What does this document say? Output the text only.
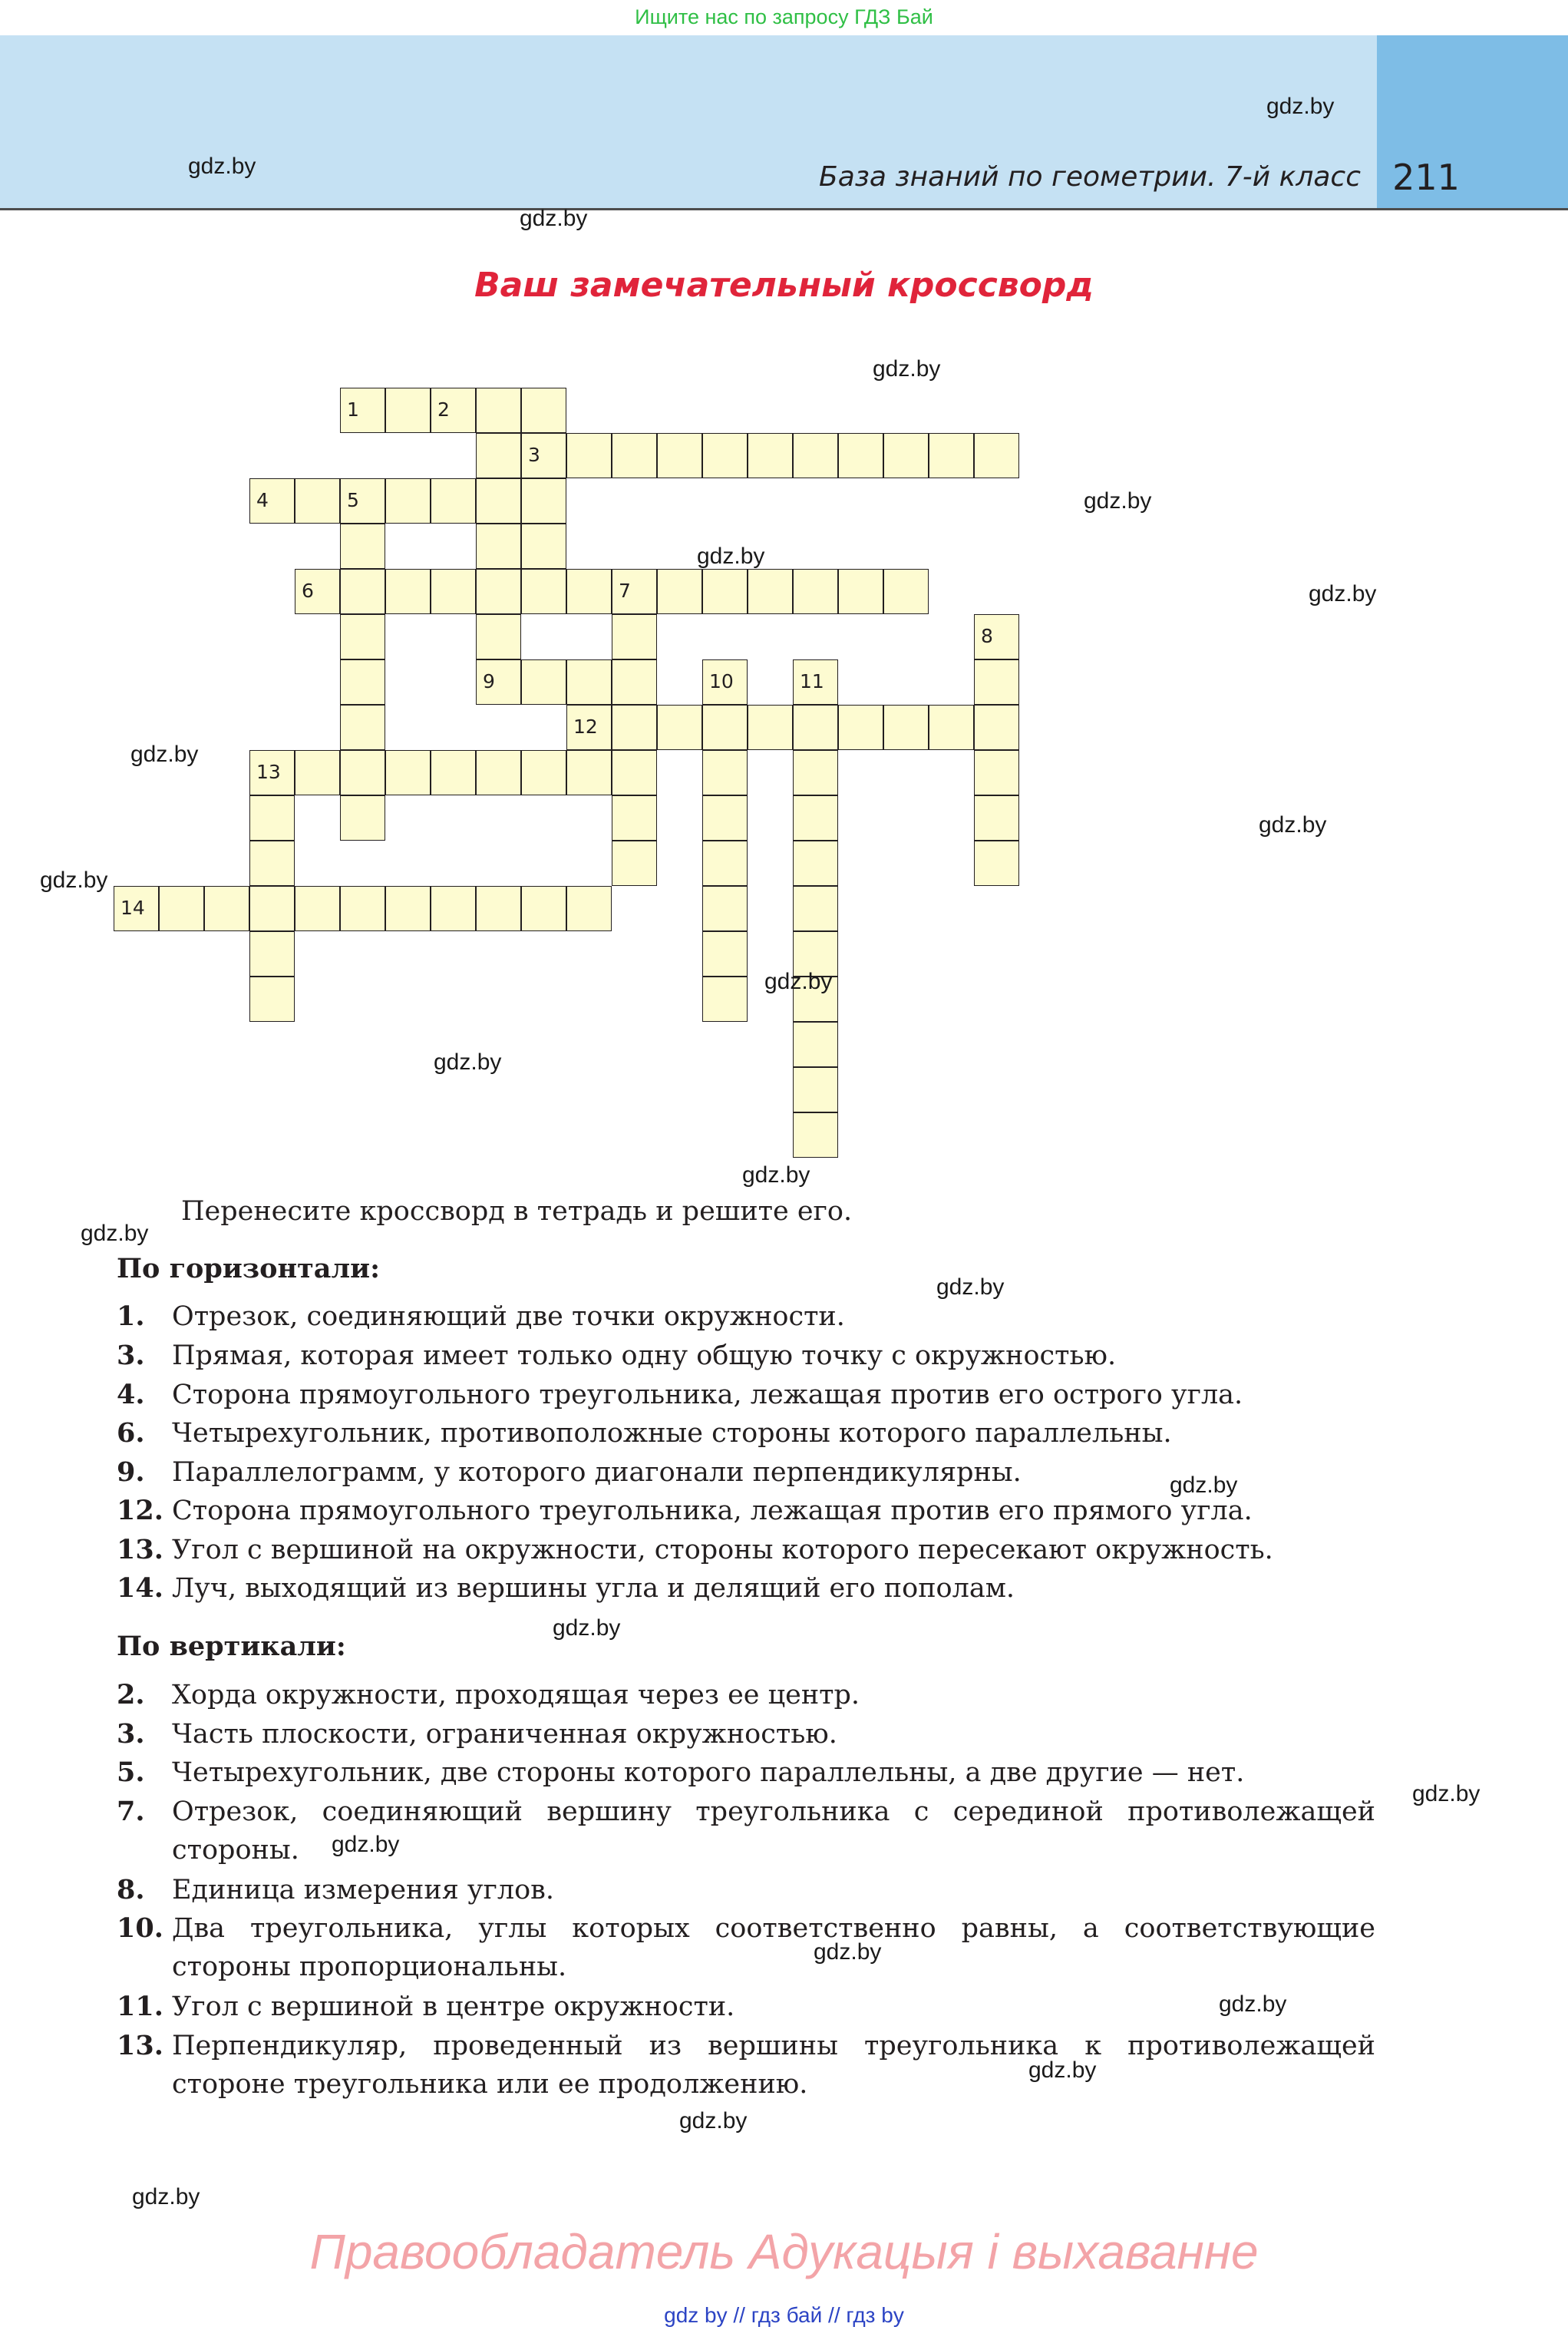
Ищите нас по запросу ГДЗ Бай
База знаний по геометрии. 7-й класс 211
Ваш замечательный кроссворд
1	2
3
4	5
6	7
8
9	10	11
12
13
14
gdz.by
gdz.by
gdz.by
gdz.by
gdz.by
gdz.by
gdz.by
gdz.by
gdz.by
gdz.by
gdz.by
gdz.by
gdz.by
gdz.by
gdz.by
gdz.by
gdz.by
gdz.by
gdz.by
gdz.by
gdz.by
gdz.by
gdz.by
gdz.by
Перенесите кроссворд в тетрадь и решите его.
По горизонтали:
1. Отрезок, соединяющий две точки окружности.
3. Прямая, которая имеет только одну общую точку с окружностью.
4. Сторона прямоугольного треугольника, лежащая против его острого угла.
6. Четырехугольник, противоположные стороны которого параллельны.
9. Параллелограмм, у которого диагонали перпендикулярны.
12. Сторона прямоугольного треугольника, лежащая против его прямого угла.
13. Угол с вершиной на окружности, стороны которого пересекают окружность.
14. Луч, выходящий из вершины угла и делящий его пополам.
По вертикали:
2. Хорда окружности, проходящая через ее центр.
3. Часть плоскости, ограниченная окружностью.
5. Четырехугольник, две стороны которого параллельны, а две другие — нет.
7. Отрезок, соединяющий вершину треугольника с серединой противолежащей стороны.
8. Единица измерения углов.
10. Два треугольника, углы которых соответственно равны, а соответствующие стороны пропорциональны.
11. Угол с вершиной в центре окружности.
13. Перпендикуляр, проведенный из вершины треугольника к противолежащей стороне треугольника или ее продолжению.
Правообладатель Адукацыя і выхаванне
gdz by // гдз бай // гдз by
